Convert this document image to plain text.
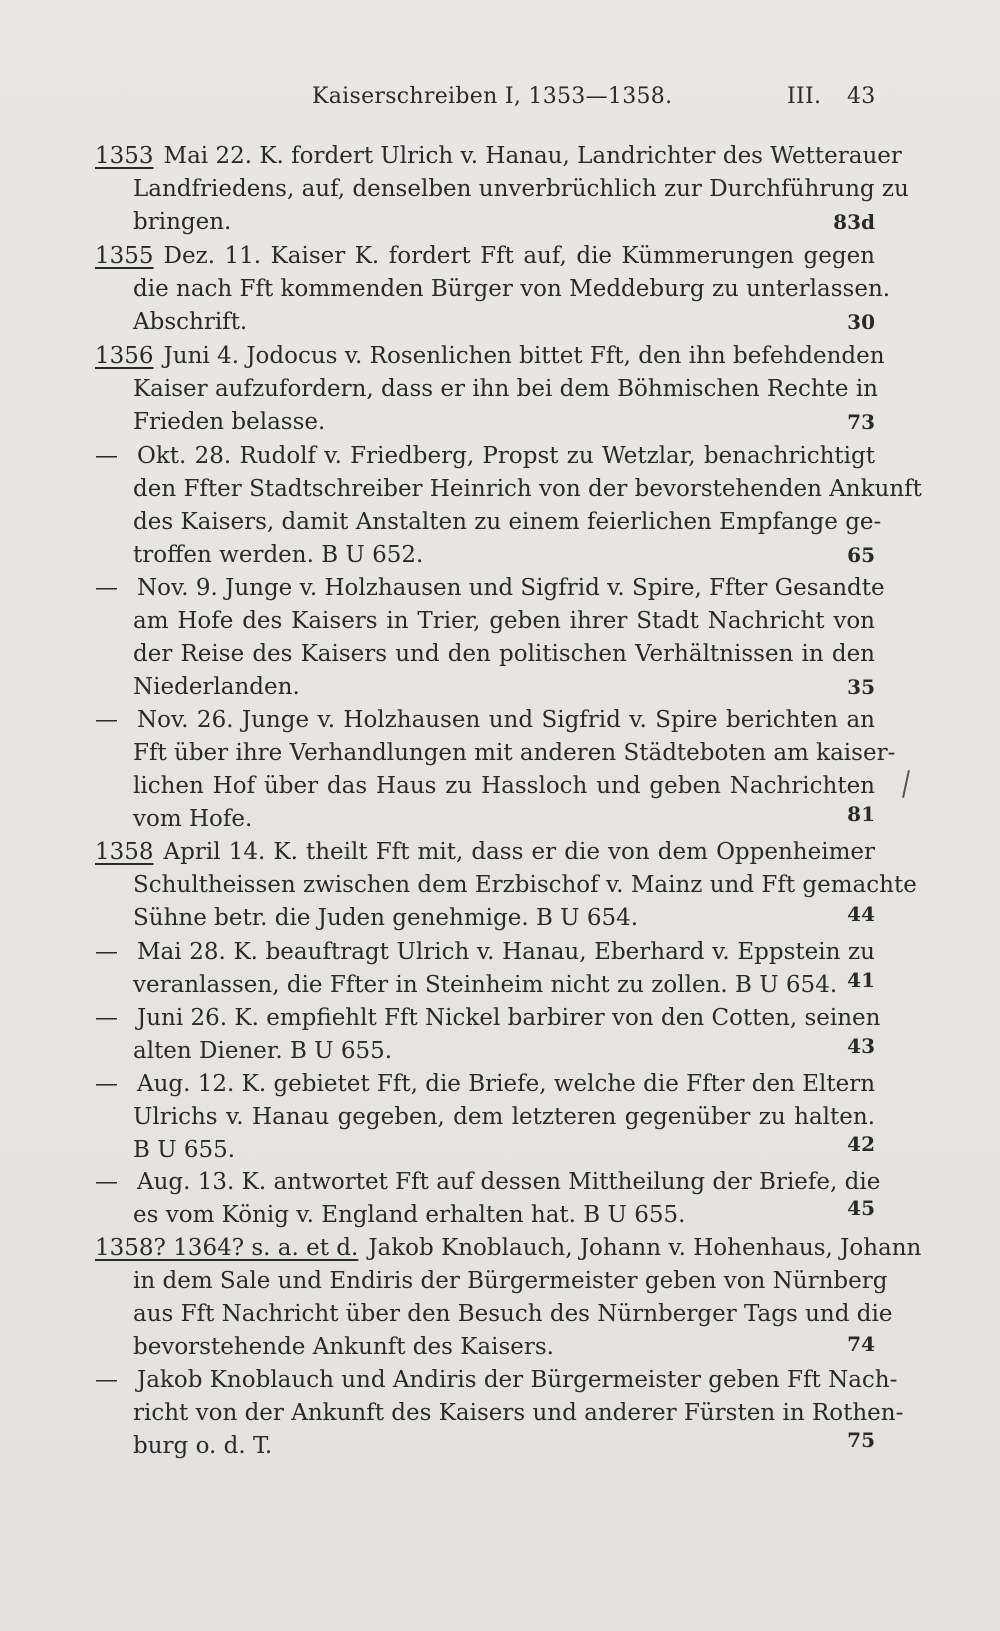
Kaiserschreiben I, 1353—1358.	III. 43
1353 Mai 22. K. fordert Ulrich v. Hanau, Landrichter des Wetterauer
Landfriedens, auf, denselben unverbrüchlich zur Durchführung zu
bringen.	83d
1355 Dez. 11. Kaiser K. fordert Fft auf, die Kümmerungen gegen
die nach Fft kommenden Bürger von Meddeburg zu unterlassen.
Abschrift.	30
1356 Juni 4. Jodocus v. Rosenlichen bittet Fft, den ihn befehdenden
Kaiser aufzufordern, dass er ihn bei dem Böhmischen Rechte in
Frieden belasse.	73
— Okt. 28. Rudolf v. Friedberg, Propst zu Wetzlar, benachrichtigt
den Ffter Stadtschreiber Heinrich von der bevorstehenden Ankunft
des Kaisers, damit Anstalten zu einem feierlichen Empfange ge-
troffen werden. B U 652.	65
— Nov. 9. Junge v. Holzhausen und Sigfrid v. Spire, Ffter Gesandte
am Hofe des Kaisers in Trier, geben ihrer Stadt Nachricht von
der Reise des Kaisers und den politischen Verhältnissen in den
Niederlanden.	35
— Nov. 26. Junge v. Holzhausen und Sigfrid v. Spire berichten an
Fft über ihre Verhandlungen mit anderen Städteboten am kaiser-
lichen Hof über das Haus zu Hassloch und geben Nachrichten
vom Hofe.	81
1358 April 14. K. theilt Fft mit, dass er die von dem Oppenheimer
Schultheissen zwischen dem Erzbischof v. Mainz und Fft gemachte
Sühne betr. die Juden genehmige. B U 654.	44
— Mai 28. K. beauftragt Ulrich v. Hanau, Eberhard v. Eppstein zu
veranlassen, die Ffter in Steinheim nicht zu zollen. B U 654. 41
— Juni 26. K. empfiehlt Fft Nickel barbirer von den Cotten, seinen
alten Diener. B U 655.	43
— Aug. 12. K. gebietet Fft, die Briefe, welche die Ffter den Eltern
Ulrichs v. Hanau gegeben, dem letzteren gegenüber zu halten.
B U 655.	42
— Aug. 13. K. antwortet Fft auf dessen Mittheilung der Briefe, die
es vom König v. England erhalten hat. B U 655.	45
1358? 1364? s. a. et d. Jakob Knoblauch, Johann v. Hohenhaus, Johann
in dem Sale und Endiris der Bürgermeister geben von Nürnberg
aus Fft Nachricht über den Besuch des Nürnberger Tags und die
bevorstehende Ankunft des Kaisers.	74
— Jakob Knoblauch und Andiris der Bürgermeister geben Fft Nach-
richt von der Ankunft des Kaisers und anderer Fürsten in Rothen-
burg o. d. T.	75
